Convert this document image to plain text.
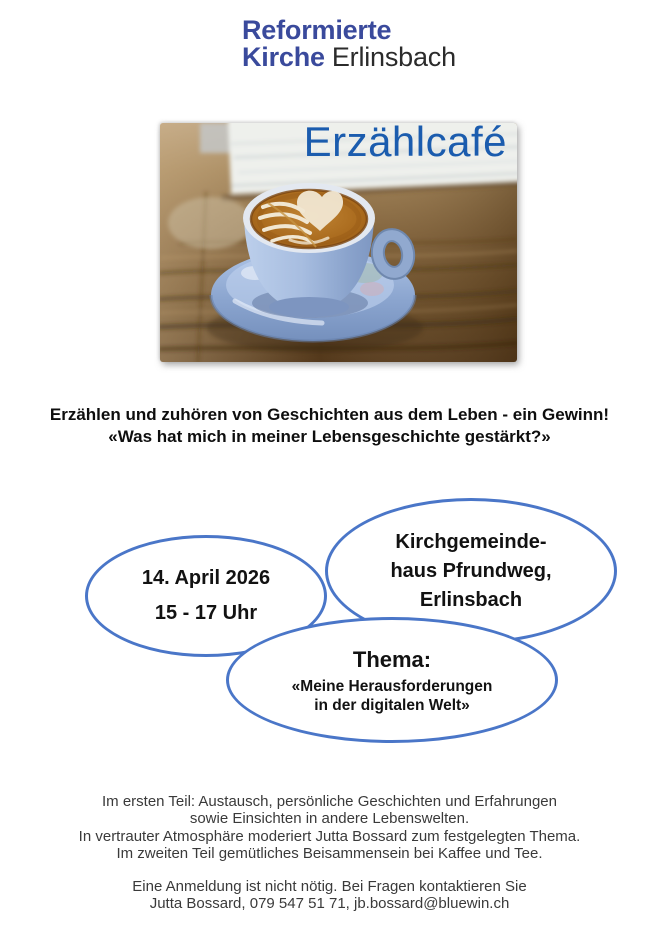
Reformierte
Kirche Erlinsbach
Erzählcafé
Erzählen und zuhören von Geschichten aus dem Leben - ein Gewinn!
«Was hat mich in meiner Lebensgeschichte gestärkt?»
14. April 2026
15 - 17 Uhr
Kirchgemeinde-
haus Pfrundweg,
Erlinsbach
Thema:
«Meine Herausforderungen
in der digitalen Welt»
Im ersten Teil: Austausch, persönliche Geschichten und Erfahrungen
sowie Einsichten in andere Lebenswelten.
In vertrauter Atmosphäre moderiert Jutta Bossard zum festgelegten Thema.
Im zweiten Teil gemütliches Beisammensein bei Kaffee und Tee.
Eine Anmeldung ist nicht nötig. Bei Fragen kontaktieren Sie
Jutta Bossard, 079 547 51 71, jb.bossard@bluewin.ch
